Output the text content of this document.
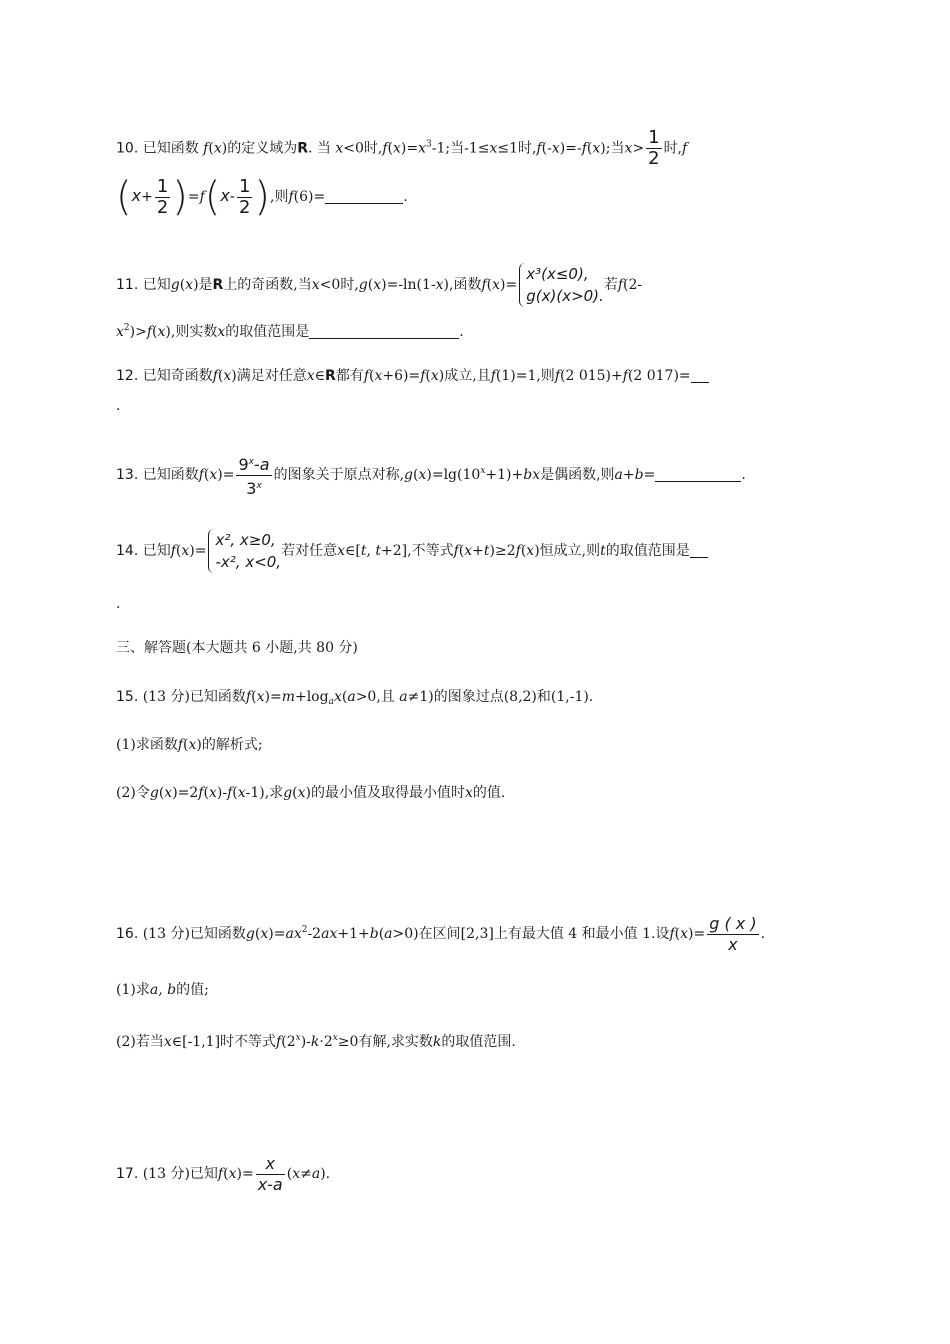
10. 已知函数 f(x)的定义域为R. 当 x<0时$,f(x)=x^3-1$;当-1≤x≤1时,f(-x)=-f(x);当$x> \frac{1}{2}$ 时,f
$(x+ \frac{1}{2} )=f(x- \frac{1}{2}$ ),则f(6)=	.
11. 已知g(x)是R上的奇函数,当x<0时,g(x)=-ln(1-x),函数f(x)=
x³(x≤0),
g(x)(x>0).
若f(2-
$x^2)>f(x)$,则实数x的取值范围是	.
12. 已知奇函数f(x)满足对任意x∈R都有f(x+6)=f(x)成立,且f(1)=1,则f(2 015)+f(2 017)=
.
13. 已知函数$f(x)= \frac{9^x-a}{3^x}$ 的图象关于原点对称$,g(x)=\lg(10^x+1)+bx$是偶函数,则a+b=	.
14. 已知f(x)=
x², x≥0,
-x², x<0,
若对任意x∈[t, t+2],不等式f(x+t)≥2f(x)恒成立,则t的取值范围是
.
三、解答题(本大题共 6 小题,共 80 分)
15. (13 分)已知函数$f(x)=m+\log_ax(a>0$,且 a≠1)的图象过点(8,2)和(1,-1).
(1)求函数f(x)的解析式;
(2)令g(x)=2f(x)-f(x-1),求g(x)的最小值及取得最小值时x的值.
16. (13 分)已知函数$g(x)=ax^2-2ax+1+b(a>0)$在区间[2,3]上有最大值 4 和最小值 1.设$f(x)= \frac{g ( x )}{x}$ .
(1)求a, b的值;
(2)若当x∈[-1,1]时不等式$f(2^x)-k\cdot 2^x\ge 0$有解,求实数k的取值范围.
17. (13 分)已知$f(x)= \frac{x}{x-a} (x\ne a)$.
